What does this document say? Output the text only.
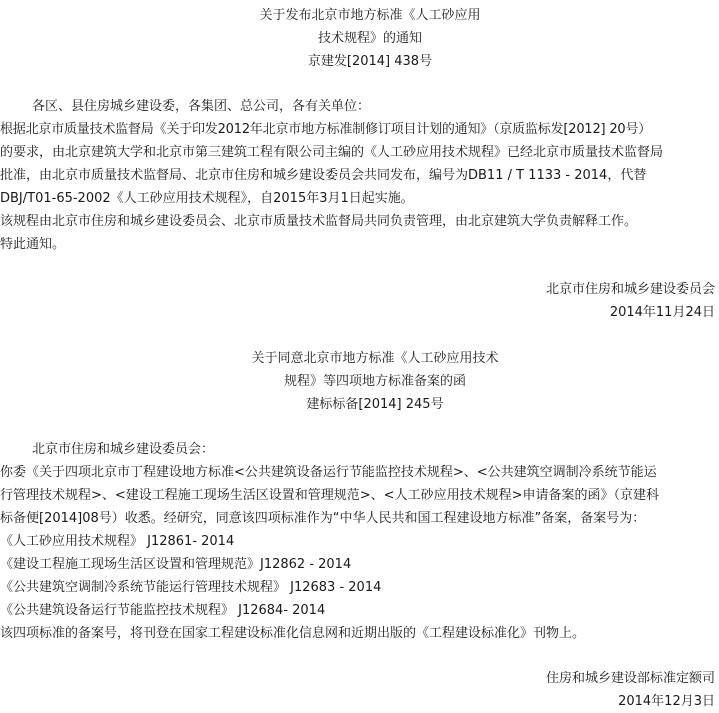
关于发布北京市地方标准《人工砂应用
技术规程》的通知
京建发[2014] 438号
各区、县住房城乡建设委，各集团、总公司，各有关单位：
根据北京市质量技术监督局《关于印发2012年北京市地方标准制修订项目计划的通知》（京质监标发[2012] 20号）
的要求，由北京建筑大学和北京市第三建筑工程有限公司主编的《人工砂应用技术规程》已经北京市质量技术监督局
批准，由北京市质量技术监督局、北京市住房和城乡建设委员会共同发布，编号为DB11 / T 1133 - 2014，代替
DBJ/T01-65-2002《人工砂应用技术规程》，自2015年3月1日起实施。
该规程由北京市住房和城乡建设委员会、北京市质量技术监督局共同负责管理，由北京建筑大学负责解释工作。
特此通知。
北京市住房和城乡建设委员会
2014年11月24日
关于同意北京市地方标准《人工砂应用技术
规程》等四项地方标准备案的函
建标标备[2014] 245号
北京市住房和城乡建设委员会：
你委《关于四项北京市丁程建设地方标准<公共建筑设备运行节能监控技术规程>、<公共建筑空调制冷系统节能运
行管理技术规程>、<建设工程施工现场生活区设置和管理规范>、<人工砂应用技术规程>申请备案的函》（京建科
标备便[2014]08号）收悉。经研究，同意该四项标准作为“中华人民共和国工程建设地方标准”备案，备案号为：
《人工砂应用技术规程》 J12861- 2014
《建设工程施工现场生活区设置和管理规范》J12862 - 2014
《公共建筑空调制冷系统节能运行管理技术规程》 J12683 - 2014
《公共建筑设备运行节能监控技术规程》 J12684- 2014
该四项标准的备案号，将刊登在国家工程建设标准化信息网和近期出版的《工程建设标准化》刊物上。
住房和城乡建设部标准定额司
2014年12月3日
